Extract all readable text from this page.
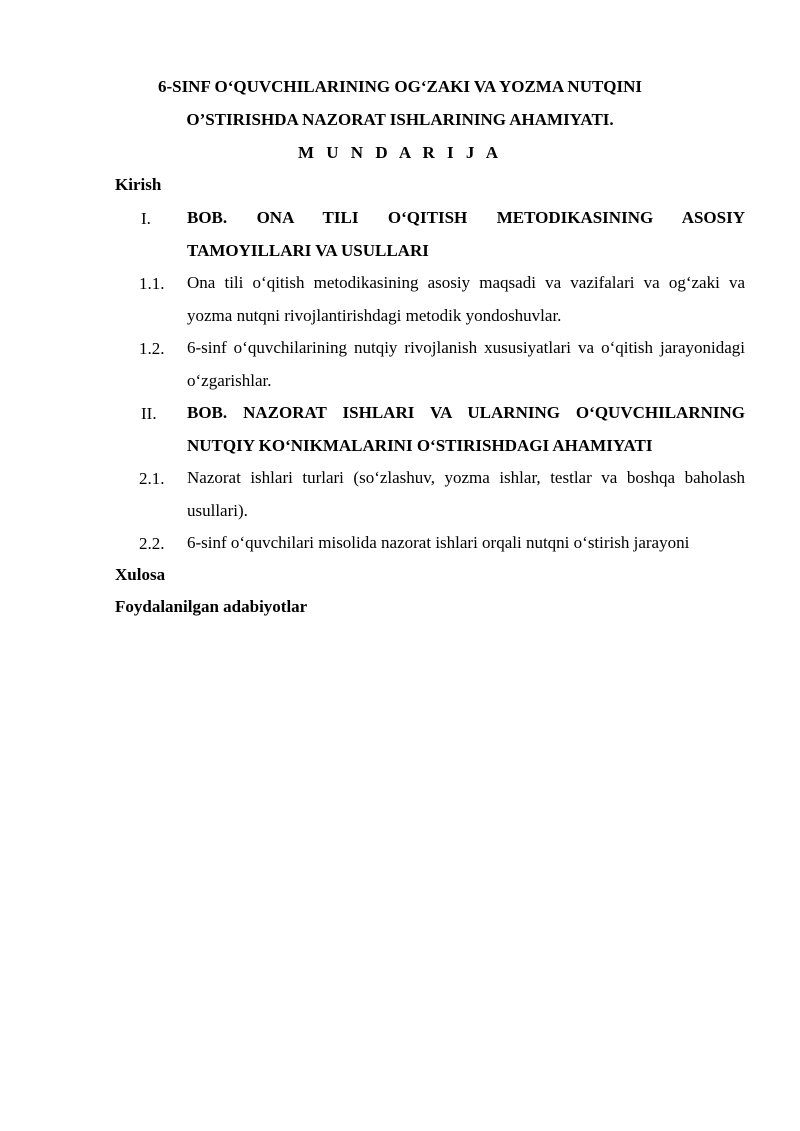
6-SINF O‘QUVCHILARINING OG‘ZAKI VA YOZMA NUTQINI
O’STIRISHDA NAZORAT ISHLARINING AHAMIYATI.
M U N D A R I J A
Kirish
I.	BOB. ONA TILI O‘QITISH METODIKASINING ASOSIY TAMOYILLARI VA USULLARI
1.1.	Ona tili o‘qitish metodikasining asosiy maqsadi va vazifalari va og‘zaki va yozma nutqni rivojlantirishdagi metodik yondoshuvlar.
1.2.	6-sinf o‘quvchilarining nutqiy rivojlanish xususiyatlari va o‘qitish jarayonidagi o‘zgarishlar.
II.	BOB. NAZORAT ISHLARI VA ULARNING O‘QUVCHILARNING NUTQIY KO‘NIKMALARINI O‘STIRISHDAGI AHAMIYATI
2.1.	Nazorat ishlari turlari (so‘zlashuv, yozma ishlar, testlar va boshqa baholash usullari).
2.2.	6-sinf o‘quvchilari misolida nazorat ishlari orqali nutqni o‘stirish jarayoni
Xulosa
Foydalanilgan adabiyotlar
